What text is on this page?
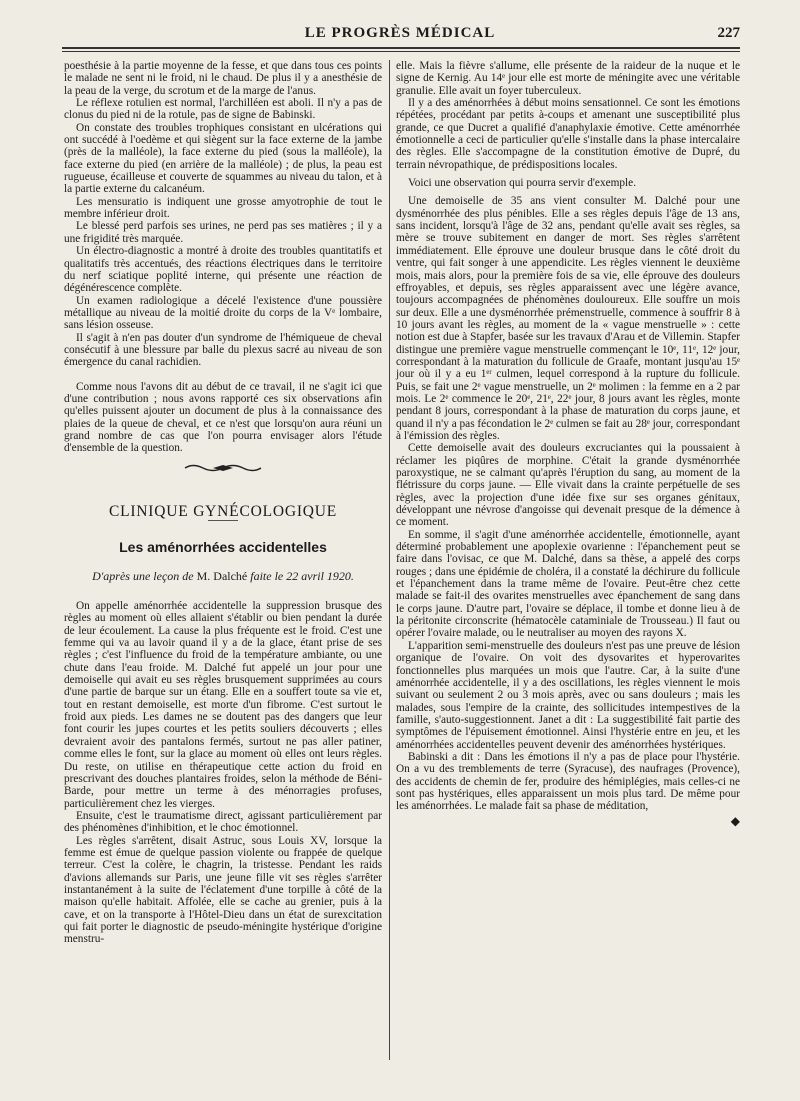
LE PROGRÈS MÉDICAL	227

poesthésie à la partie moyenne de la fesse, et que dans tous ces points le malade ne sent ni le froid, ni le chaud. De plus il y a anesthésie de la peau de la verge, du scrotum et de la marge de l'anus.

Le réflexe rotulien est normal, l'archilléen est aboli. Il n'y a pas de clonus du pied ni de la rotule, pas de signe de Babinski.

On constate des troubles trophiques consistant en ulcérations qui ont succédé à l'oedème et qui siègent sur la face externe de la jambe (près de la malléole), la face externe du pied (sous la malléole), la face externe du pied (en arrière de la malléole) ; de plus, la peau est rugueuse, écailleuse et couverte de squammes au niveau du talon, et à la partie externe du calcanéum.

Les mensuratio is indiquent une grosse amyotrophie de tout le membre inférieur droit.

Le blessé perd parfois ses urines, ne perd pas ses matières ; il y a une frigidité très marquée.

Un électro-diagnostic a montré à droite des troubles quantitatifs et qualitatifs très accentués, des réactions électriques dans le territoire du nerf sciatique poplité interne, qui présente une réaction de dégénérescence complète.

Un examen radiologique a décelé l'existence d'une poussière métallique au niveau de la moitié droite du corps de la Vᵉ lombaire, sans lésion osseuse.

Il s'agit à n'en pas douter d'un syndrome de l'hémiqueue de cheval consécutif à une blessure par balle du plexus sacré au niveau de son émergence du canal rachidien.

Comme nous l'avons dit au début de ce travail, il ne s'agit ici que d'une contribution ; nous avons rapporté ces six observations afin qu'elles puissent ajouter un document de plus à la connaissance des plaies de la queue de cheval, et ce n'est que lorsqu'on aura réuni un grand nombre de cas que l'on pourra envisager alors l'étude d'ensemble de la question.

CLINIQUE GYNÉCOLOGIQUE
Les aménorrhées accidentelles
D'après une leçon de M. Dalché faite le 22 avril 1920.

On appelle aménorrhée accidentelle la suppression brusque des règles au moment où elles allaient s'établir ou bien pendant la durée de leur écoulement. La cause la plus fréquente est le froid. C'est une femme qui va au lavoir quand il y a de la glace, étant prise de ses règles ; c'est l'influence du froid de la température ambiante, ou une chute dans l'eau froide. M. Dalché fut appelé un jour pour une demoiselle qui avait eu ses règles brusquement supprimées au cours d'une partie de barque sur un étang. Elle en a souffert toute sa vie et, tout en restant demoiselle, est morte d'un fibrome. C'est surtout le froid aux pieds. Les dames ne se doutent pas des dangers que leur font courir les jupes courtes et les petits souliers découverts ; elles devraient avoir des pantalons fermés, surtout ne pas aller patiner, comme elles le font, sur la glace au moment où elles ont leurs règles. Du reste, on utilise en thérapeutique cette action du froid en prescrivant des douches plantaires froides, selon la méthode de Béni-Barde, pour mettre un terme à des ménorragies profuses, particulièrement chez les vierges.

Ensuite, c'est le traumatisme direct, agissant particulièrement par des phénomènes d'inhibition, et le choc émotionnel.

Les règles s'arrêtent, disait Astruc, sous Louis XV, lorsque la femme est émue de quelque passion violente ou frappée de quelque terreur. C'est la colère, le chagrin, la tristesse. Pendant les raids d'avions allemands sur Paris, une jeune fille vit ses règles s'arrêter instantanément à la suite de l'éclatement d'une torpille à côté de la maison qu'elle habitait. Affolée, elle se cache au grenier, puis à la cave, et on la transporte à l'Hôtel-Dieu dans un état de surexcitation qui fait porter le diagnostic de pseudo-méningite hystérique d'origine menstru-

elle. Mais la fièvre s'allume, elle présente de la raideur de la nuque et le signe de Kernig. Au 14ᵉ jour elle est morte de méningite avec une véritable granulie. Elle avait un foyer tuberculeux.

Il y a des aménorrhées à début moins sensationnel. Ce sont les émotions répétées, procédant par petits à-coups et amenant une susceptibilité plus grande, ce que Ducret a qualifié d'anaphylaxie émotive. Cette aménorrhée émotionnelle a ceci de particulier qu'elle s'installe dans la phase intercalaire des règles. Elle s'accompagne de la constitution émotive de Dupré, du terrain névropathique, de prédispositions locales.

Voici une observation qui pourra servir d'exemple.

Une demoiselle de 35 ans vient consulter M. Dalché pour une dysménorrhée des plus pénibles. Elle a ses règles depuis l'âge de 13 ans, sans incident, lorsqu'à l'âge de 32 ans, pendant qu'elle avait ses règles, sa mère se trouve subitement en danger de mort. Ses règles s'arrêtent immédiatement. Elle éprouve une douleur brusque dans le côté droit du ventre, qui fait songer à une appendicite. Les règles viennent le deuxième mois, mais alors, pour la première fois de sa vie, elle éprouve des douleurs effroyables, et depuis, ses règles apparaissent avec une légère avance, toujours accompagnées de phénomènes douloureux. Elle souffre un mois sur deux. Elle a une dysménorrhée prémenstruelle, commence à souffrir 8 à 10 jours avant les règles, au moment de la « vague menstruelle » : cette notion est due à Stapfer, basée sur les travaux d'Arau et de Villemin. Stapfer distingue une première vague menstruelle commençant le 10ᵉ, 11ᵉ, 12ᵉ jour, correspondant à la maturation du follicule de Graafe, montant jusqu'au 15ᵉ jour où il y a eu 1ᵉʳ culmen, lequel correspond à la rupture du follicule. Puis, se fait une 2ᵉ vague menstruelle, un 2ᵉ molimen : la femme en a 2 par mois. Le 2ᵉ commence le 20ᵉ, 21ᵉ, 22ᵉ jour, 8 jours avant les règles, monte pendant 8 jours, correspondant à la phase de maturation du corps jaune, et quand il n'y a pas fécondation le 2ᵉ culmen se fait au 28ᵉ jour, correspondant à l'émission des règles.

Cette demoiselle avait des douleurs excruciantes qui la poussaient à réclamer les piqûres de morphine. C'était la grande dysménorrhée paroxystique, ne se calmant qu'après l'éruption du sang, au moment de la flétrissure du corps jaune. — Elle vivait dans la crainte perpétuelle de ses règles, avec la projection d'une idée fixe sur ses organes génitaux, développant une névrose d'angoisse qui devenait presque de la démence à ce moment.

En somme, il s'agit d'une aménorrhée accidentelle, émotionnelle, ayant déterminé probablement une apoplexie ovarienne : l'épanchement peut se faire dans l'ovisac, ce que M. Dalché, dans sa thèse, a appelé des corps rouges ; dans une épidémie de choléra, il a constaté la déchirure du follicule et l'épanchement dans la trame même de l'ovaire. Peut-être chez cette malade se fait-il des ovarites menstruelles avec épanchement de sang dans le corps jaune. D'autre part, l'ovaire se déplace, il tombe et donne lieu à de la péritonite circonscrite (hématocèle cataminiale de Trousseau.) Il faut ou opérer l'ovaire malade, ou le neutraliser au moyen des rayons X.

L'apparition semi-menstruelle des douleurs n'est pas une preuve de lésion organique de l'ovaire. On voit des dysovarites et hyperovarites fonctionnelles plus marquées un mois que l'autre. Car, à la suite d'une aménorrhée accidentelle, il y a des oscillations, les règles viennent le mois suivant ou seulement 2 ou 3 mois après, avec ou sans douleurs ; mais les malades, sous l'empire de la crainte, des sollicitudes intempestives de la famille, s'auto-suggestionnent. Janet a dit : La suggestibilité fait partie des symptômes de l'épuisement émotionnel. Ainsi l'hystérie entre en jeu, et les aménorrhées accidentelles peuvent devenir des aménorrhées hystériques.

Babinski a dit : Dans les émotions il n'y a pas de place pour l'hystérie. On a vu des tremblements de terre (Syracuse), des naufrages (Provence), des accidents de chemin de fer, produire des hémiplégies, mais celles-ci ne sont pas hystériques, elles apparaissent un mois plus tard. De même pour les aménorrhées. Le malade fait sa phase de méditation,

◆
